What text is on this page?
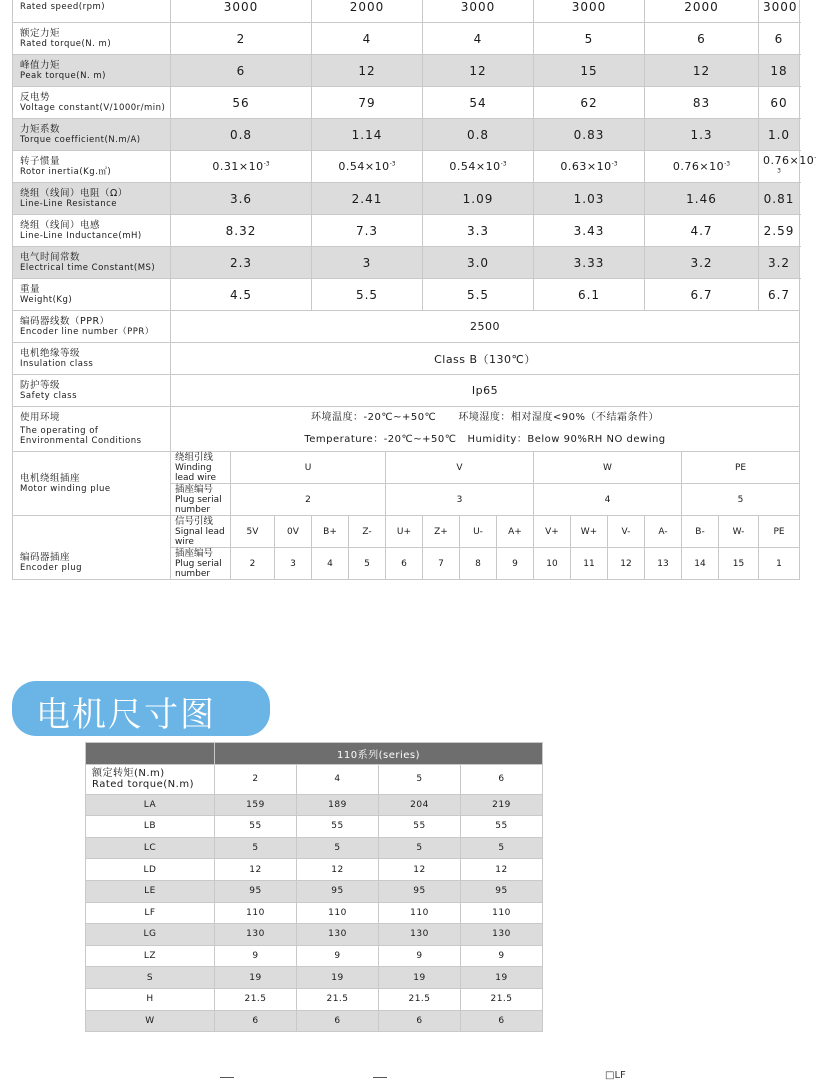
Rated speed(rpm)	3000			2000			3000			3000			2000			3000

额定力矩
Rated torque(N. m)	2			4			4			5			6			6

峰值力矩
Peak torque(N. m)	6			12			12			15			12			18

反电势
Voltage constant(V/1000r/min)	56			79			54			62			83			60

力矩系数
Torque coefficient(N.m/A)	0.8			1.14			0.8			0.83			1.3			1.0

转子惯量
Rotor inertia(Kg.㎡)	$0.31\times 10^{-3}$			$0.54\times 10^{-3}$			$0.54\times 10^{-3}$			$0.63\times 10^{-3}$			$0.76\times 10^{-3}$			0.76×10 $^3$

绕组（线间）电阻（Ω）
Line-Line Resistance	3.6			2.41			1.09			1.03			1.46			0.81

绕组（线间）电感
Line-Line Inductance(mH)	8.32			7.3			3.3			3.43			4.7			2.59

电气时间常数
Electrical time Constant(MS)	2.3			3			3.0			3.33			3.2			3.2

重量
Weight(Kg)	4.5			5.5			5.5			6.1			6.7			6.7

编码器线数（PPR）
Encoder line number（PPR）	2500															

电机绝缘等级
Insulation class	Class B（130℃）															

防护等级
Safety class	Ip65															

使用环境
The operating of
Environmental Conditions	环境温度：-20℃~+50℃      环境湿度：相对湿度<90%（不结霜条件）
Temperature：-20℃~+50℃   Humidity：Below 90%RH NO dewing															

电机绕组插座
Motor winding plue	绕组引线
Winding lead wire	U				V				W				PE		

	插座编号
Plug serial number	2				3				4				5		

编码器插座
Encoder plug	信号引线
Signal lead wire	5V	0V	B+	Z-	U+	Z+	U-	A+	V+	W+	V-	A-	B-	W-	PE

	插座编号
Plug serial number	2	3	4	5	6	7	8	9	10	11	12	13	14	15	1
电机尺寸图
	110系列(series)			

额定转矩(N.m)
Rated torque(N.m)	2	4	5	6
LA	159	189	204	219
LB	55	55	55	55
LC	5	5	5	5
LD	12	12	12	12
LE	95	95	95	95
LF	110	110	110	110
LG	130	130	130	130
LZ	9	9	9	9
S	19	19	19	19
H	21.5	21.5	21.5	21.5
W	6	6	6	6
□LF
